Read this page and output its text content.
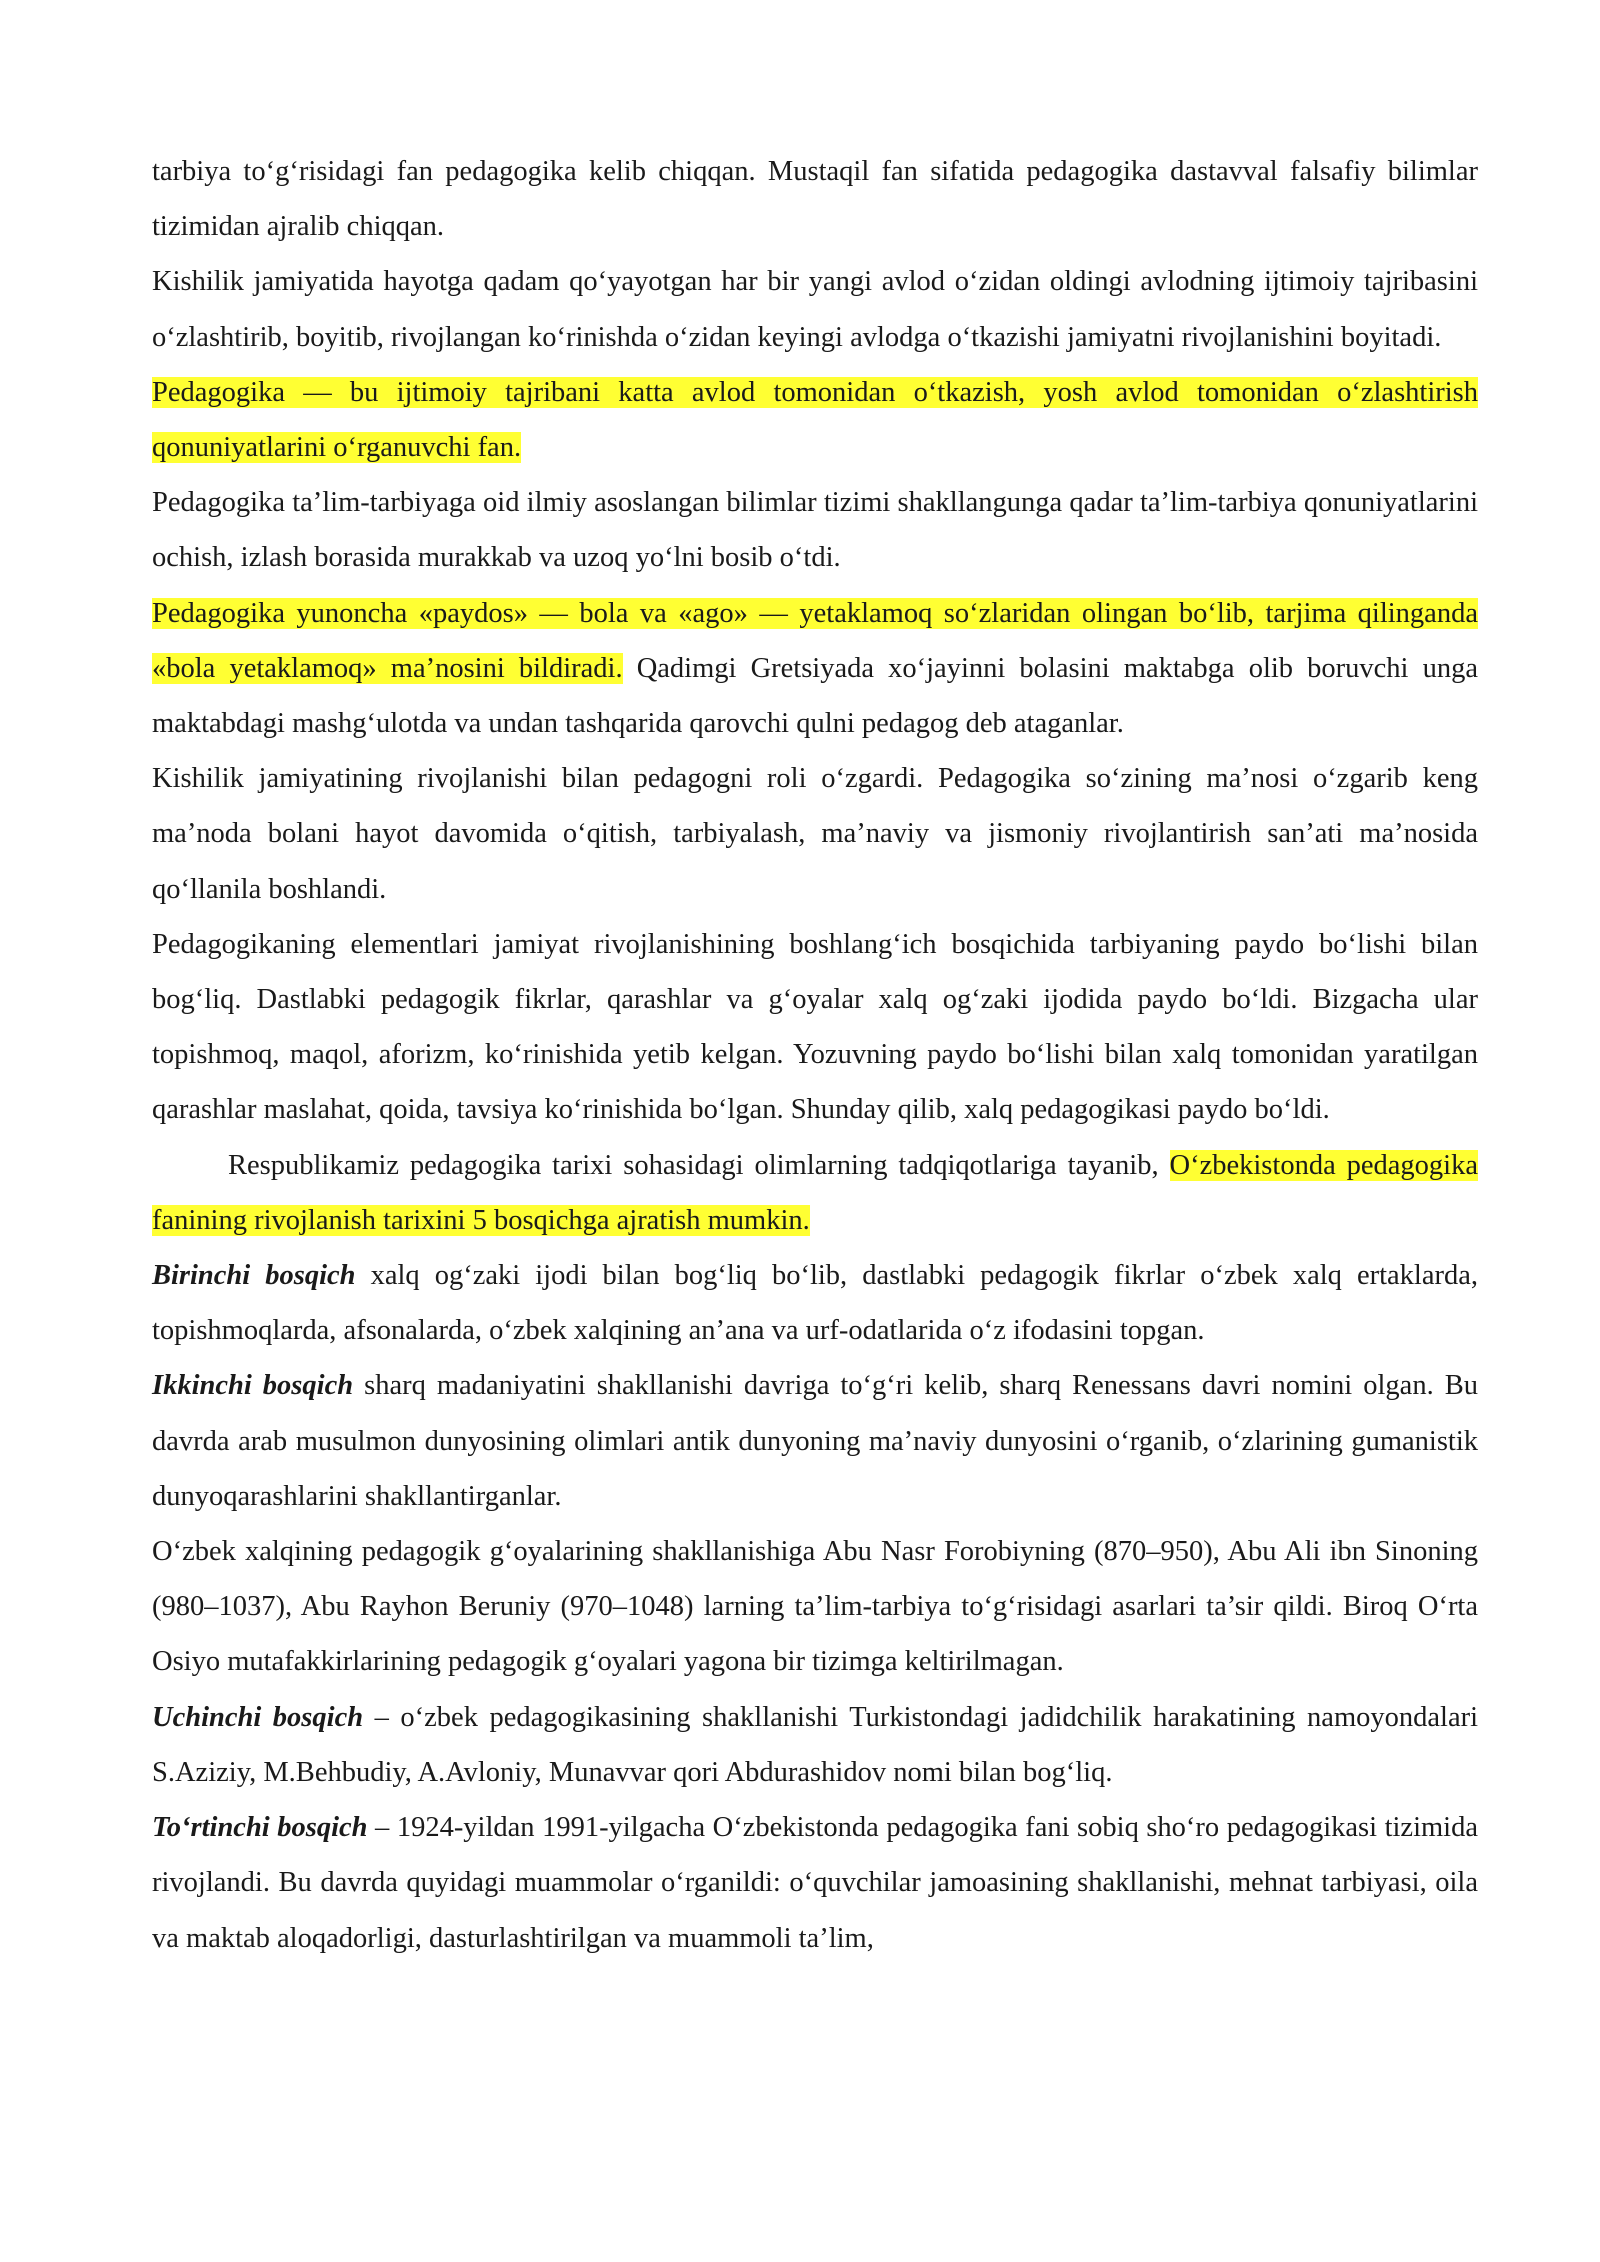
tarbiya to‘g‘risidagi fan pedagogika kelib chiqqan. Mustaqil fan sifatida pedagogika dastavval falsafiy bilimlar tizimidan ajralib chiqqan.

Kishilik jamiyatida hayotga qadam qo‘yayotgan har bir yangi avlod o‘zidan oldingi avlodning ijtimoiy tajribasini o‘zlashtirib, boyitib, rivojlangan ko‘rinishda o‘zidan keyingi avlodga o‘tkazishi jamiyatni rivojlanishini boyitadi.

Pedagogika — bu ijtimoiy tajribani katta avlod tomonidan o‘tkazish, yosh avlod tomonidan o‘zlashtirish qonuniyatlarini o‘rganuvchi fan.

Pedagogika ta’lim-tarbiyaga oid ilmiy asoslangan bilimlar tizimi shakllangunga qadar ta’lim-tarbiya qonuniyatlarini ochish, izlash borasida murakkab va uzoq yo‘lni bosib o‘tdi.

Pedagogika yunoncha «paydos» — bola va «ago» — yetaklamoq so‘zlaridan olingan bo‘lib, tarjima qilinganda «bola yetaklamoq» ma’nosini bildiradi. Qadimgi Gretsiyada xo‘jayinni bolasini maktabga olib boruvchi unga maktabdagi mashg‘ulotda va undan tashqarida qarovchi qulni pedagog deb ataganlar.

Kishilik jamiyatining rivojlanishi bilan pedagogni roli o‘zgardi. Pedagogika so‘zining ma’nosi o‘zgarib keng ma’noda bolani hayot davomida o‘qitish, tarbiyalash, ma’naviy va jismoniy rivojlantirish san’ati ma’nosida qo‘llanila boshlandi.

Pedagogikaning elementlari jamiyat rivojlanishining boshlang‘ich bosqichida tarbiyaning paydo bo‘lishi bilan bog‘liq. Dastlabki pedagogik fikrlar, qarashlar va g‘oyalar xalq og‘zaki ijodida paydo bo‘ldi. Bizgacha ular topishmoq, maqol, aforizm, ko‘rinishida yetib kelgan. Yozuvning paydo bo‘lishi bilan xalq tomonidan yaratilgan qarashlar maslahat, qoida, tavsiya ko‘rinishida bo‘lgan. Shunday qilib, xalq pedagogikasi paydo bo‘ldi.

Respublikamiz pedagogika tarixi sohasidagi olimlarning tadqiqotlariga tayanib, O‘zbekistonda pedagogika fanining rivojlanish tarixini 5 bosqichga ajratish mumkin.

Birinchi bosqich xalq og‘zaki ijodi bilan bog‘liq bo‘lib, dastlabki pedagogik fikrlar o‘zbek xalq ertaklarda, topishmoqlarda, afsonalarda, o‘zbek xalqining an’ana va urf-odatlarida o‘z ifodasini topgan.

Ikkinchi bosqich sharq madaniyatini shakllanishi davriga to‘g‘ri kelib, sharq Renessans davri nomini olgan. Bu davrda arab musulmon dunyosining olimlari antik dunyoning ma’naviy dunyosini o‘rganib, o‘zlarining gumanistik dunyoqarashlarini shakllantirganlar.

O‘zbek xalqining pedagogik g‘oyalarining shakllanishiga Abu Nasr Forobiyning (870–950), Abu Ali ibn Sinoning (980–1037), Abu Rayhon Beruniy (970–1048) larning ta’lim-tarbiya to‘g‘risidagi asarlari ta’sir qildi. Biroq O‘rta Osiyo mutafakkirlarining pedagogik g‘oyalari yagona bir tizimga keltirilmagan.

Uchinchi bosqich – o‘zbek pedagogikasining shakllanishi Turkistondagi jadidchilik harakatining namoyondalari S.Aziziy, M.Behbudiy, A.Avloniy, Munavvar qori Abdurashidov nomi bilan bog‘liq.

To‘rtinchi bosqich – 1924-yildan 1991-yilgacha O‘zbekistonda pedagogika fani sobiq sho‘ro pedagogikasi tizimida rivojlandi. Bu davrda quyidagi muammolar o‘rganildi: o‘quvchilar jamoasining shakllanishi, mehnat tarbiyasi, oila va maktab aloqadorligi, dasturlashtirilgan va muammoli ta’lim,
